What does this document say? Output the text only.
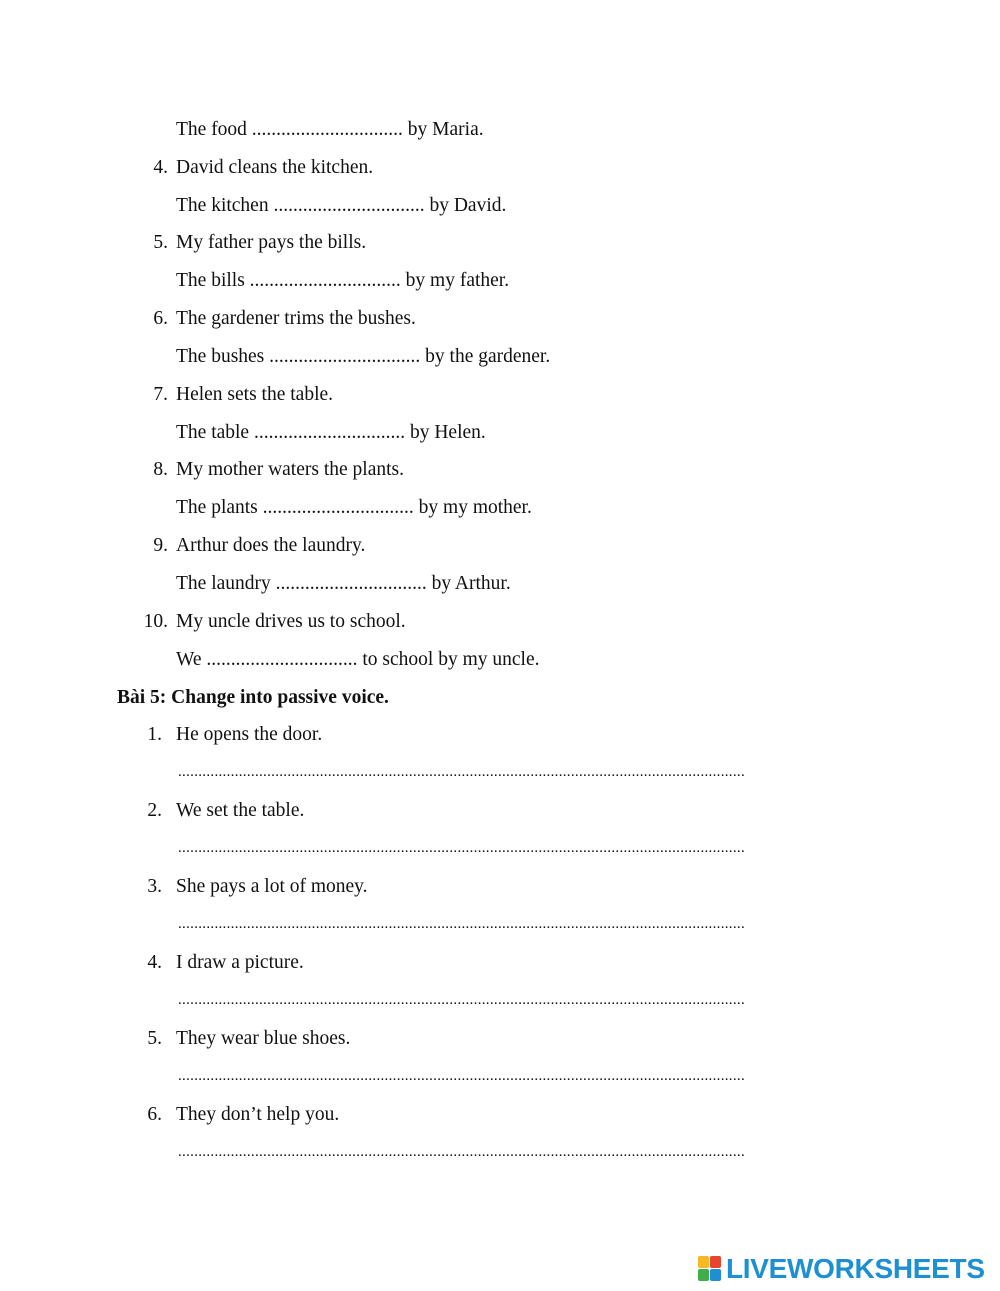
The food ............................... by Maria.
4. David cleans the kitchen.
The kitchen ............................... by David.
5. My father pays the bills.
The bills ............................... by my father.
6. The gardener trims the bushes.
The bushes ............................... by the gardener.
7. Helen sets the table.
The table ............................... by Helen.
8. My mother waters the plants.
The plants ............................... by my mother.
9. Arthur does the laundry.
The laundry ............................... by Arthur.
10. My uncle drives us to school.
We ............................... to school by my uncle.
Bài 5: Change into passive voice.
1. He opens the door.
............................................................................................................................................
2. We set the table.
............................................................................................................................................
3. She pays a lot of money.
............................................................................................................................................
4. I draw a picture.
............................................................................................................................................
5. They wear blue shoes.
............................................................................................................................................
6. They don’t help you.
............................................................................................................................................
LIVEWORKSHEETS
